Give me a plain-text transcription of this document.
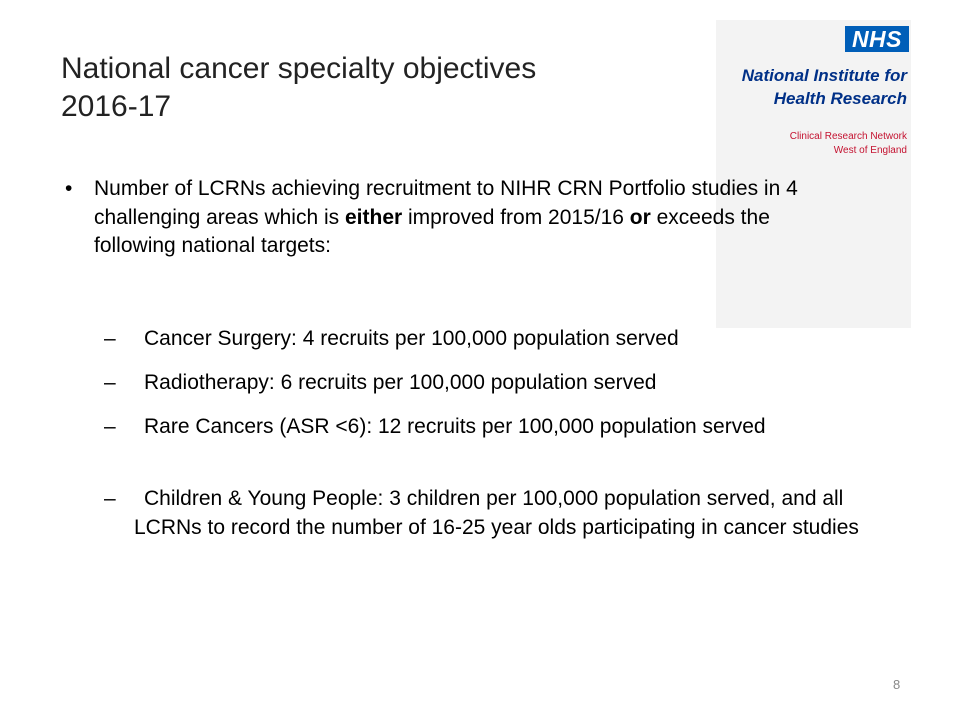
NHS
National Institute for
Health Research
Clinical Research Network
West of England
National cancer specialty objectives
2016-17
• Number of LCRNs achieving recruitment to NIHR CRN Portfolio studies in 4 challenging areas which is either improved from 2015/16 or exceeds the following national targets:
–	Cancer Surgery: 4 recruits per 100,000 population served
–	Radiotherapy: 6 recruits per 100,000 population served
–	Rare Cancers (ASR <6): 12 recruits per 100,000 population served
–	Children & Young People: 3 children per 100,000 population served, and all LCRNs to record the number of 16-25 year olds participating in cancer studies
8
